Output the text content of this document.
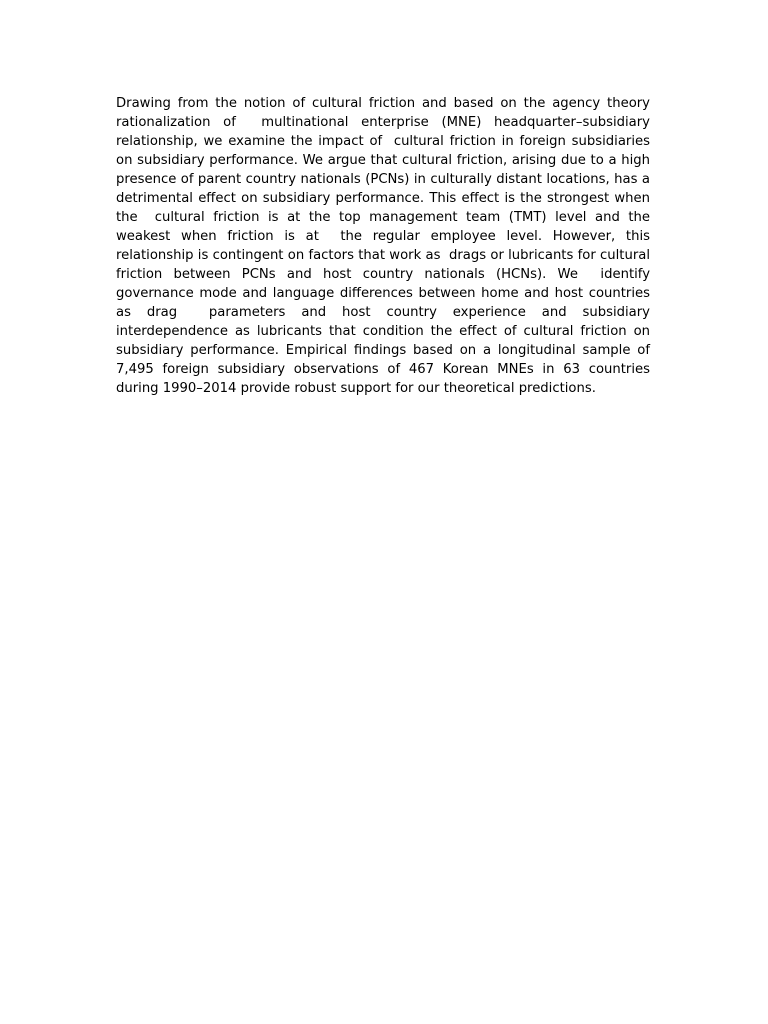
Drawing from the notion of cultural friction and based on the agency theory rationalization of  multinational enterprise (MNE) headquarter–subsidiary relationship, we examine the impact of  cultural friction in foreign subsidiaries on subsidiary performance. We argue that cultural friction, arising due to a high presence of parent country nationals (PCNs) in culturally distant locations, has a detrimental effect on subsidiary performance. This effect is the strongest when the  cultural friction is at the top management team (TMT) level and the weakest when friction is at  the regular employee level. However, this relationship is contingent on factors that work as  drags or lubricants for cultural friction between PCNs and host country nationals (HCNs). We  identify governance mode and language differences between home and host countries as drag  parameters and host country experience and subsidiary interdependence as lubricants that condition the effect of cultural friction on subsidiary performance. Empirical findings based on a longitudinal sample of 7,495 foreign subsidiary observations of 467 Korean MNEs in 63 countries  during 1990–2014 provide robust support for our theoretical predictions.
